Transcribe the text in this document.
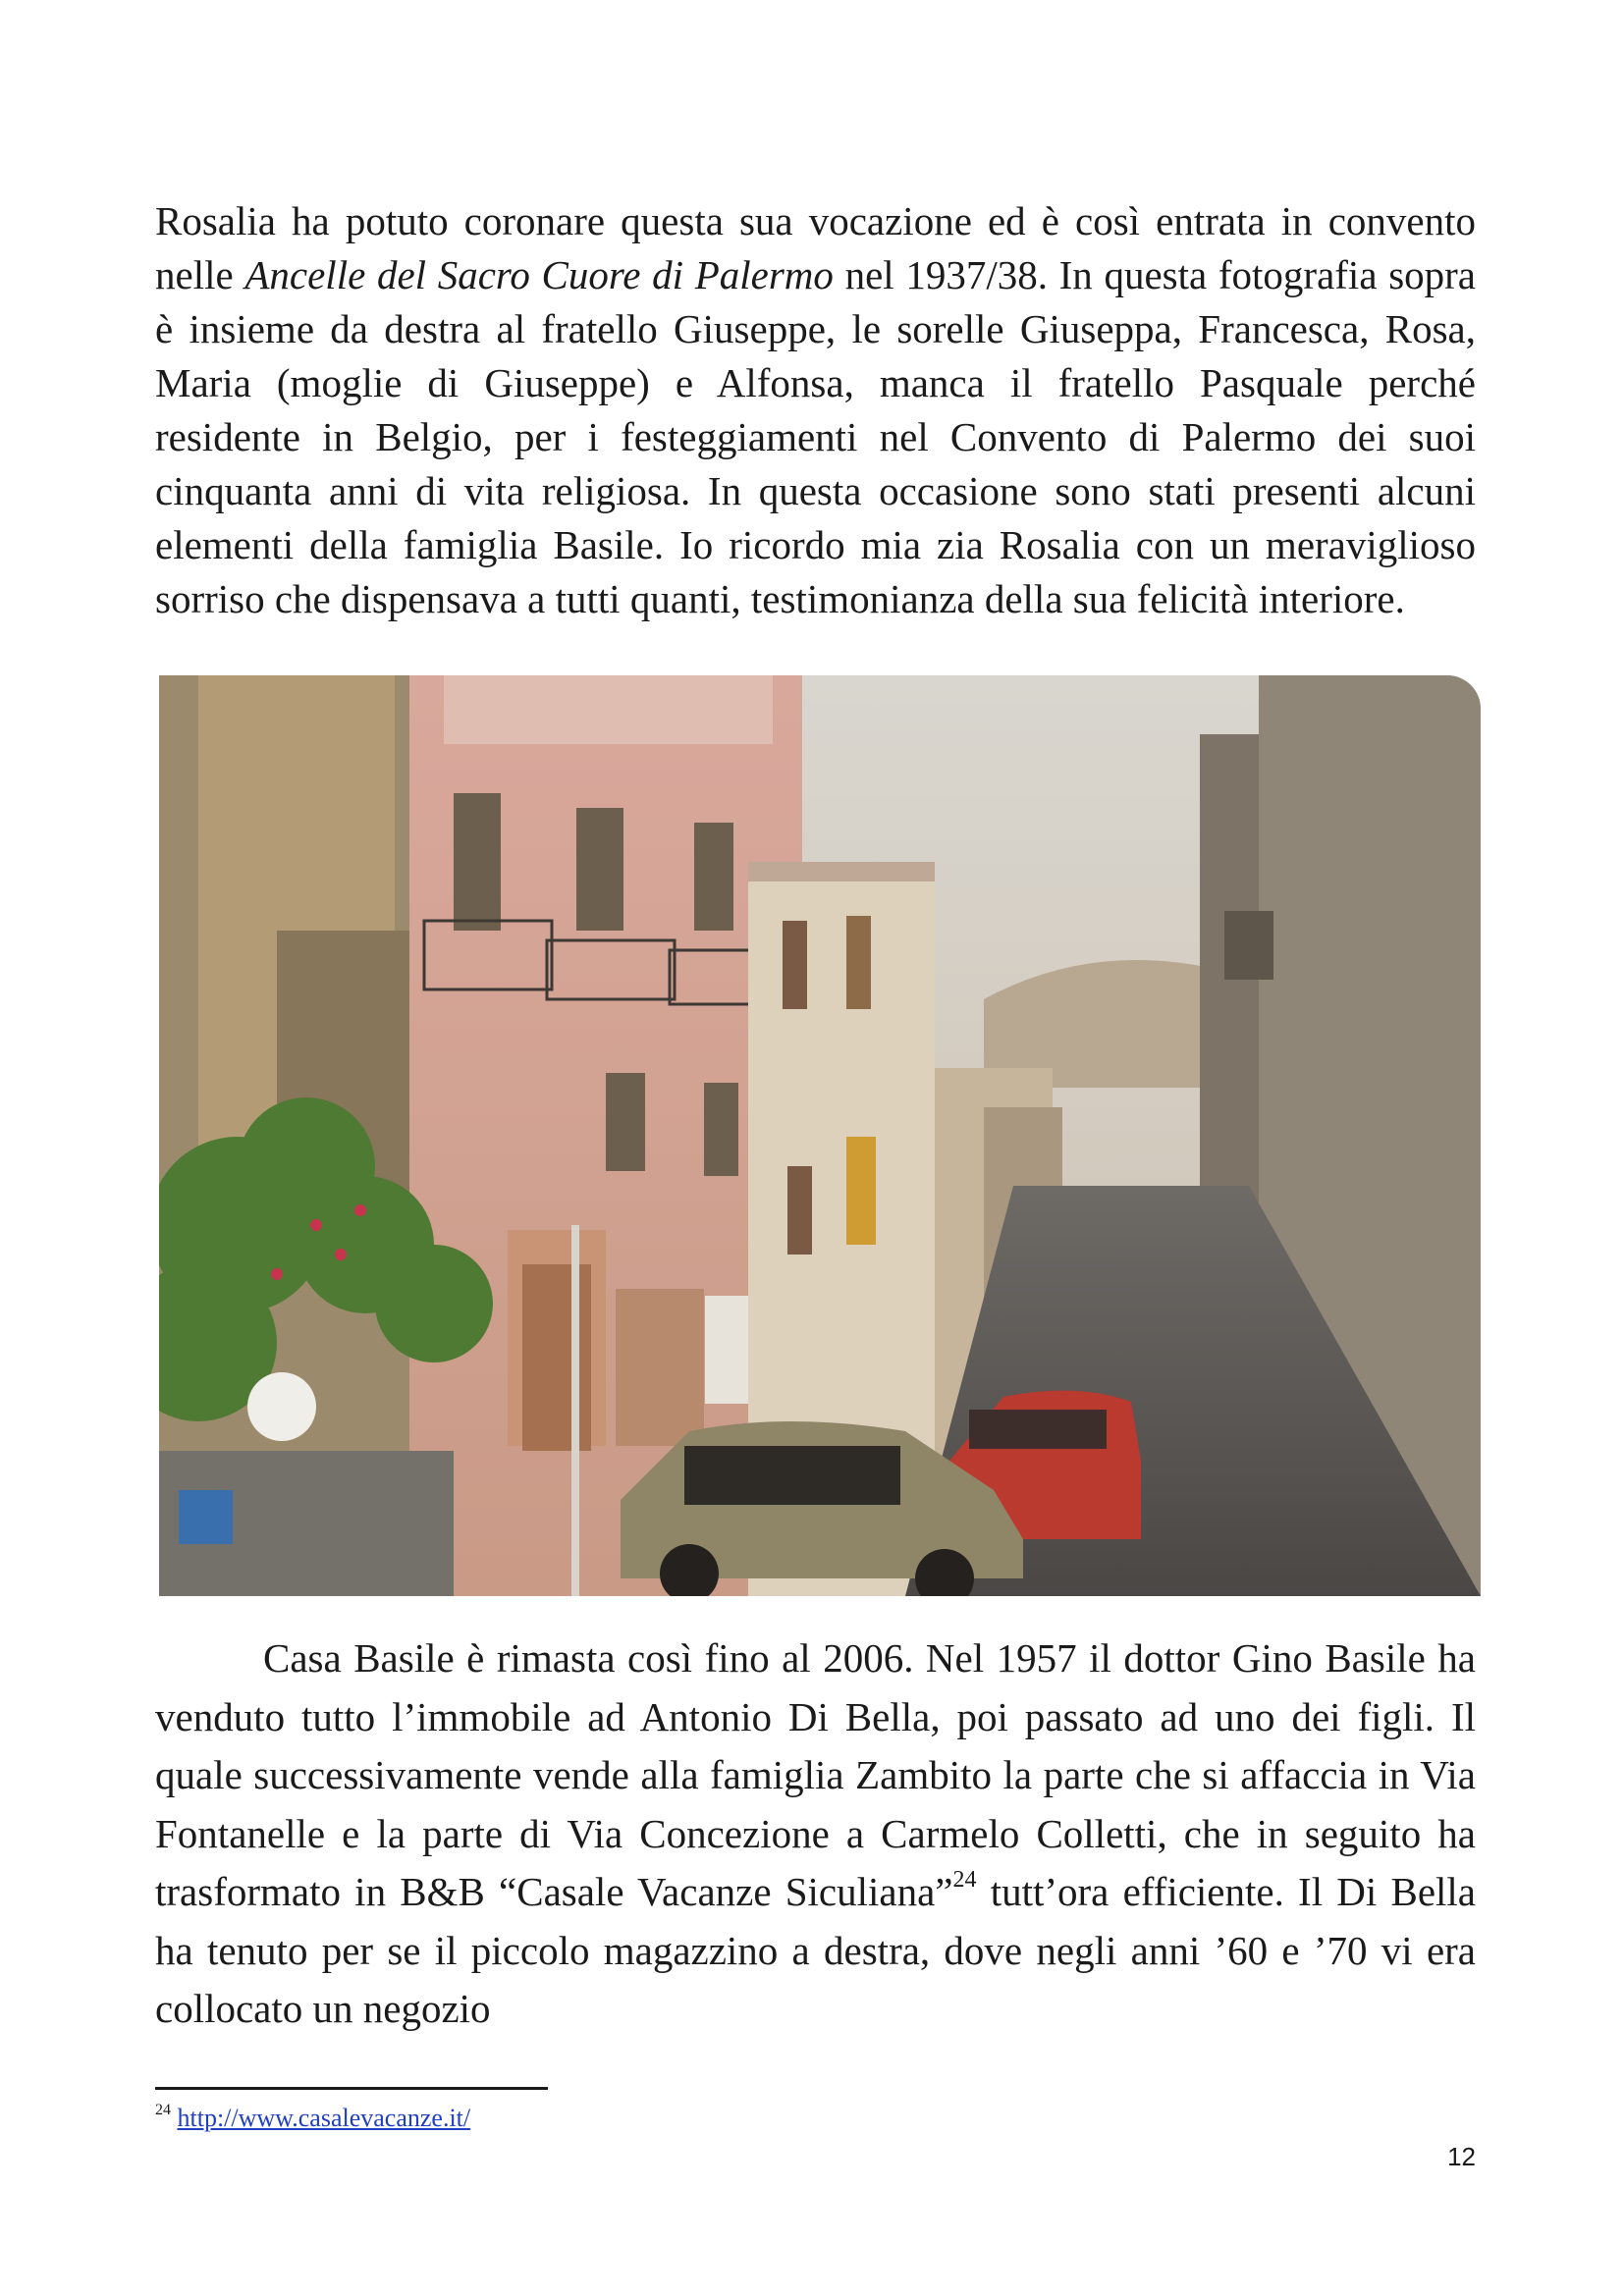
Rosalia ha potuto coronare questa sua vocazione ed è così entrata in convento nelle Ancelle del Sacro Cuore di Palermo nel 1937/38. In questa fotografia sopra è insieme da destra al fratello Giuseppe, le sorelle Giuseppa, Francesca, Rosa, Maria (moglie di Giuseppe) e Alfonsa, manca il fratello Pasquale perché residente in Belgio, per i festeggiamenti nel Convento di Palermo dei suoi cinquanta anni di vita religiosa. In questa occasione sono stati presenti alcuni elementi della famiglia Basile. Io ricordo mia zia Rosalia con un meraviglioso sorriso che dispensava a tutti quanti, testimonianza della sua felicità interiore.

Casa Basile è rimasta così fino al 2006. Nel 1957 il dottor Gino Basile ha venduto tutto l’immobile ad Antonio Di Bella, poi passato ad uno dei figli. Il quale successivamente vende alla famiglia Zambito la parte che si affaccia in Via Fontanelle e la parte di Via Concezione a Carmelo Colletti, che in seguito ha trasformato in B&B “Casale Vacanze Siculiana”$^{24}$ tutt’ora efficiente. Il Di Bella ha tenuto per se il piccolo magazzino a destra, dove negli anni ’60 e ’70 vi era collocato un negozio

$^{24}$ http://www.casalevacanze.it/

12
